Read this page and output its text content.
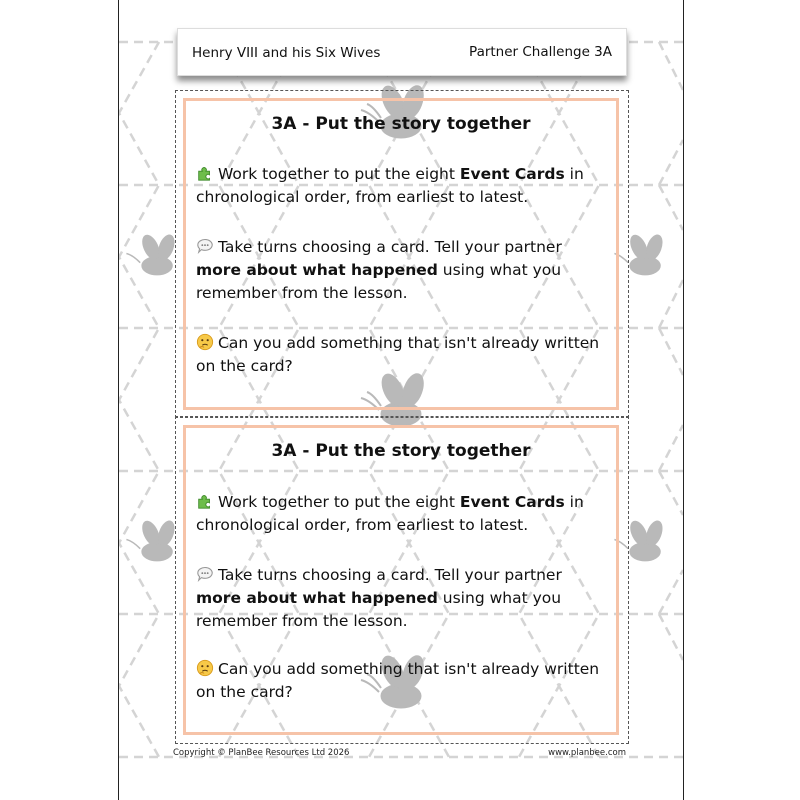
Henry VIII and his Six Wives	Partner Challenge 3A
3A - Put the story together
Work together to put the eight Event Cards in chronological order, from earliest to latest.
Take turns choosing a card. Tell your partner more about what happened using what you remember from the lesson.
Can you add something that isn't already written on the card?
3A - Put the story together
Work together to put the eight Event Cards in chronological order, from earliest to latest.
Take turns choosing a card. Tell your partner more about what happened using what you remember from the lesson.
Can you add something that isn't already written on the card?
Copyright © PlanBee Resources Ltd 2026	www.planbee.com
